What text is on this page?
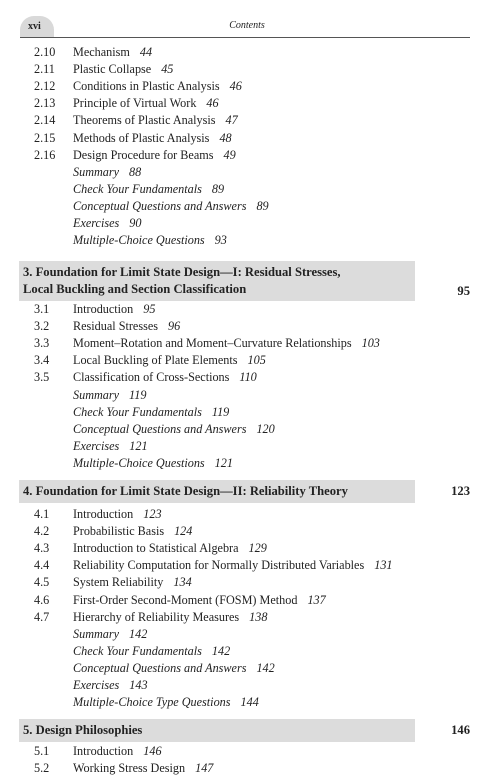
xvi	Contents
2.10 Mechanism 44
2.11 Plastic Collapse 45
2.12 Conditions in Plastic Analysis 46
2.13 Principle of Virtual Work 46
2.14 Theorems of Plastic Analysis 47
2.15 Methods of Plastic Analysis 48
2.16 Design Procedure for Beams 49
Summary 88
Check Your Fundamentals 89
Conceptual Questions and Answers 89
Exercises 90
Multiple-Choice Questions 93
3. Foundation for Limit State Design—I: Residual Stresses,
Local Buckling and Section Classification	95
3.1 Introduction 95
3.2 Residual Stresses 96
3.3 Moment–Rotation and Moment–Curvature Relationships 103
3.4 Local Buckling of Plate Elements 105
3.5 Classification of Cross-Sections 110
Summary 119
Check Your Fundamentals 119
Conceptual Questions and Answers 120
Exercises 121
Multiple-Choice Questions 121
4. Foundation for Limit State Design—II: Reliability Theory	123
4.1 Introduction 123
4.2 Probabilistic Basis 124
4.3 Introduction to Statistical Algebra 129
4.4 Reliability Computation for Normally Distributed Variables 131
4.5 System Reliability 134
4.6 First-Order Second-Moment (FOSM) Method 137
4.7 Hierarchy of Reliability Measures 138
Summary 142
Check Your Fundamentals 142
Conceptual Questions and Answers 142
Exercises 143
Multiple-Choice Type Questions 144
5. Design Philosophies	146
5.1 Introduction 146
5.2 Working Stress Design 147
